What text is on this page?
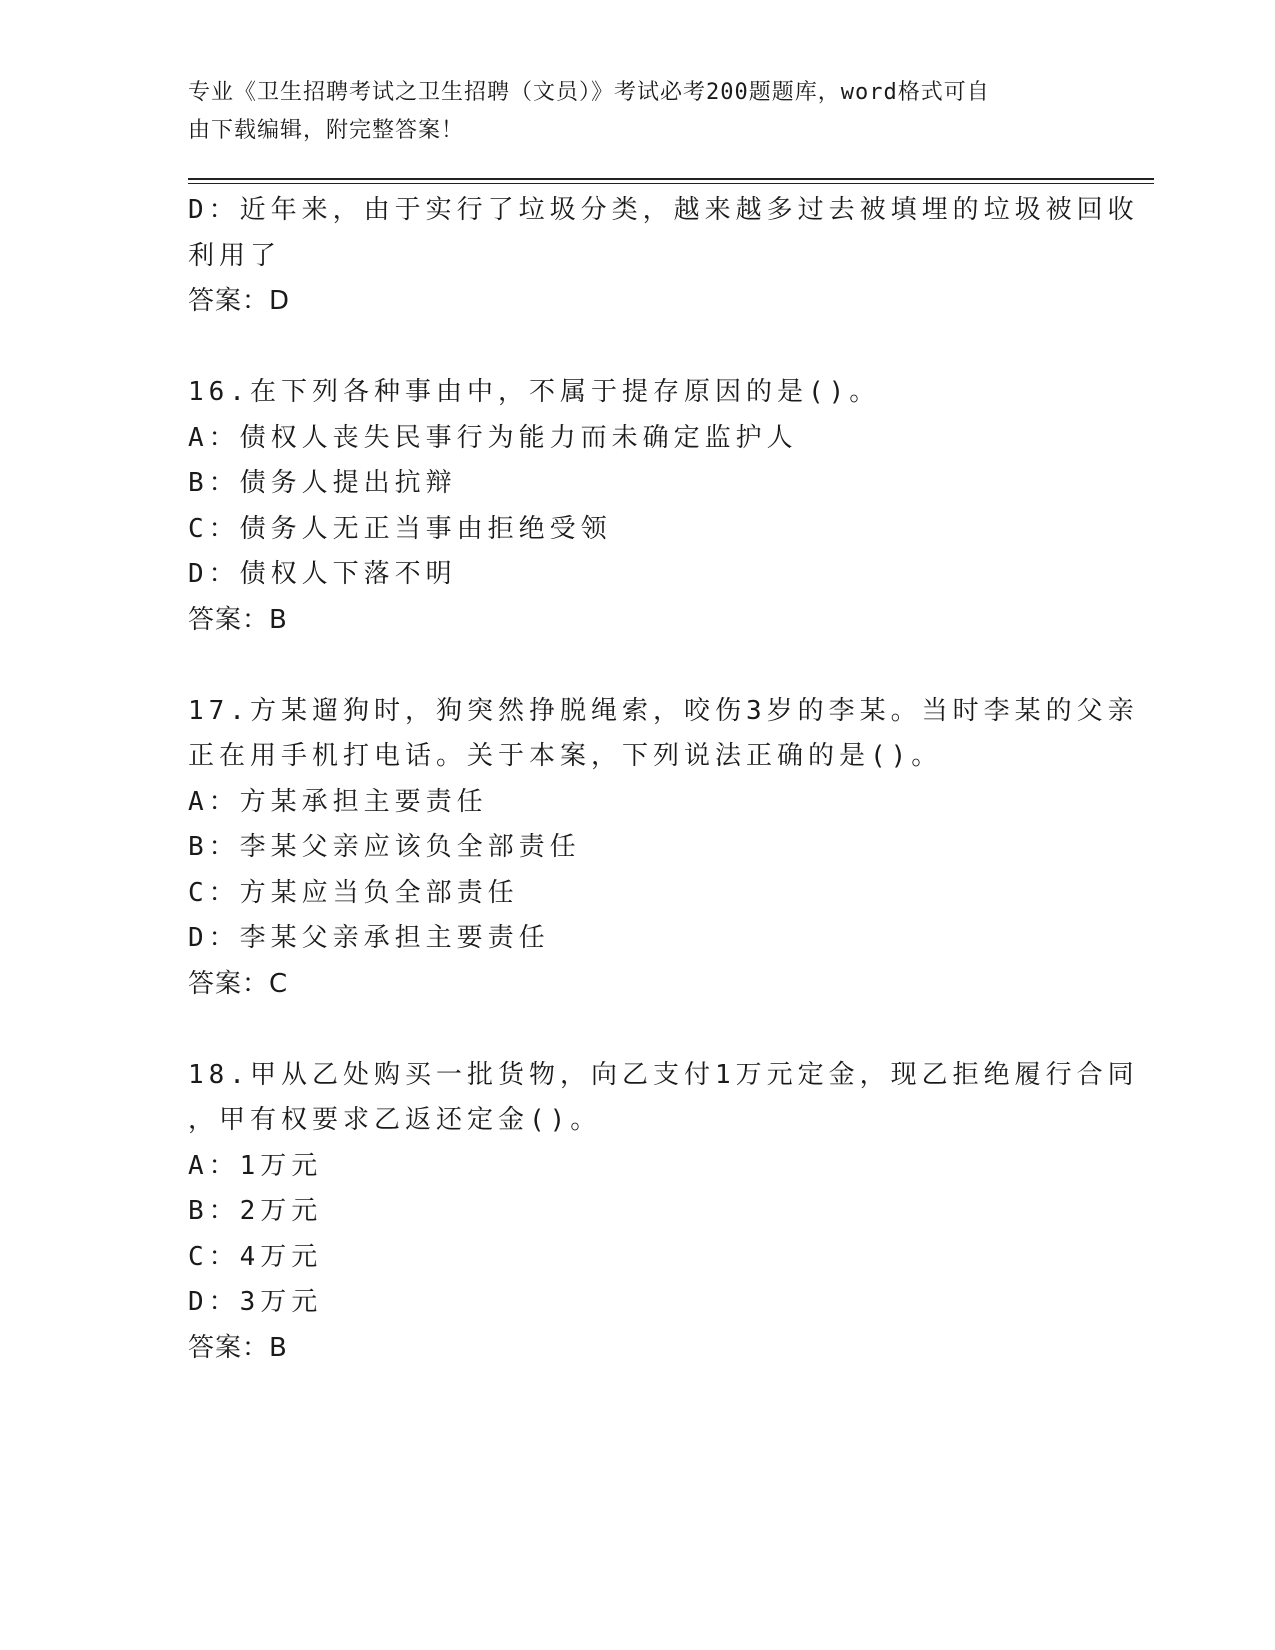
专业《卫生招聘考试之卫生招聘（文员）》考试必考200题题库，word格式可自
由下载编辑，附完整答案！
D：近年来，由于实行了垃圾分类，越来越多过去被填埋的垃圾被回收
利用了
答案：D
16.在下列各种事由中，不属于提存原因的是()。
A：债权人丧失民事行为能力而未确定监护人
B：债务人提出抗辩
C：债务人无正当事由拒绝受领
D：债权人下落不明
答案：B
17.方某遛狗时，狗突然挣脱绳索，咬伤3岁的李某。当时李某的父亲
正在用手机打电话。关于本案，下列说法正确的是()。
A：方某承担主要责任
B：李某父亲应该负全部责任
C：方某应当负全部责任
D：李某父亲承担主要责任
答案：C
18.甲从乙处购买一批货物，向乙支付1万元定金，现乙拒绝履行合同
，甲有权要求乙返还定金()。
A：1万元
B：2万元
C：4万元
D：3万元
答案：B
